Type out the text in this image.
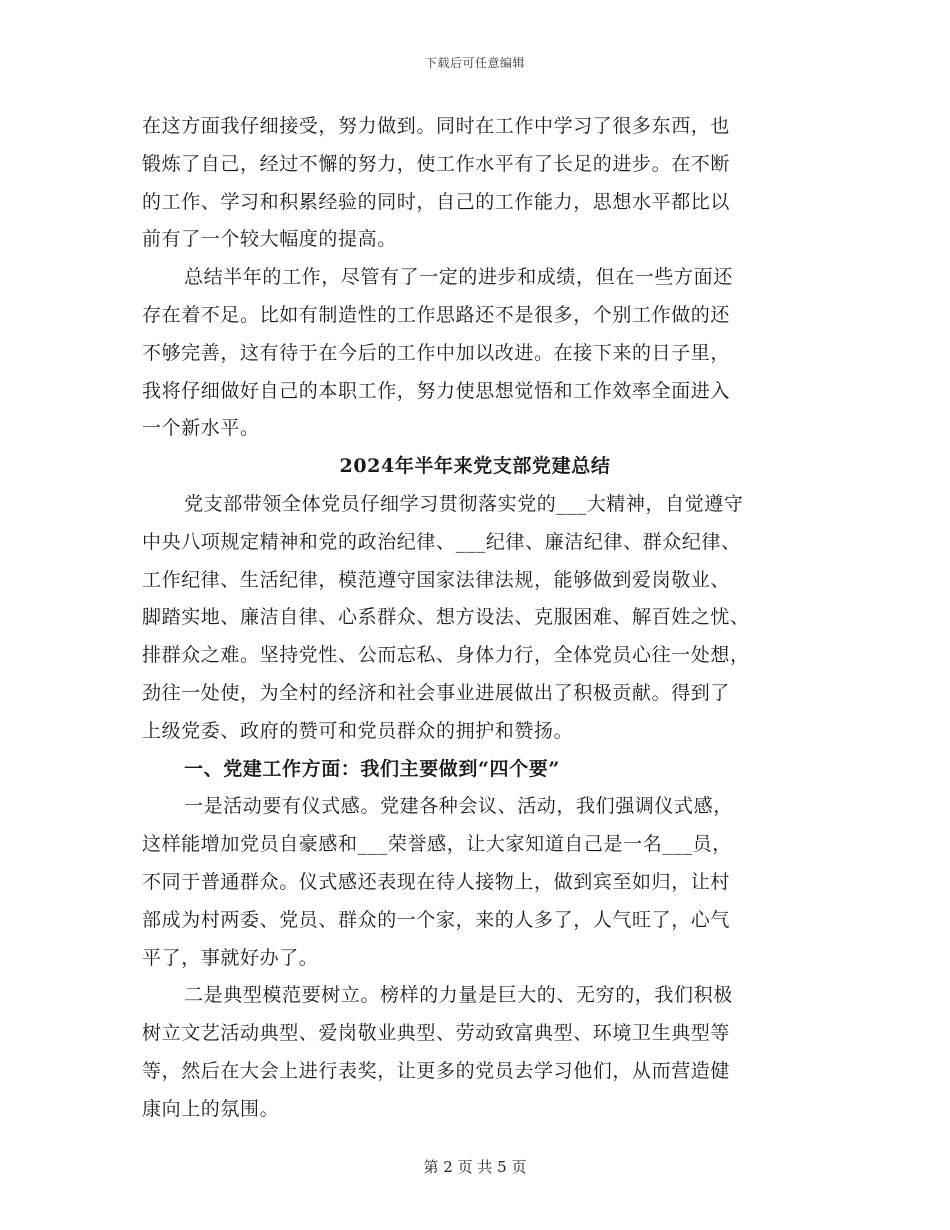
下载后可任意编辑
在这方面我仔细接受，努力做到。同时在工作中学习了很多东西，也
锻炼了自己，经过不懈的努力，使工作水平有了长足的进步。在不断
的工作、学习和积累经验的同时，自己的工作能力，思想水平都比以
前有了一个较大幅度的提高。
总结半年的工作，尽管有了一定的进步和成绩，但在一些方面还
存在着不足。比如有制造性的工作思路还不是很多，个别工作做的还
不够完善，这有待于在今后的工作中加以改进。在接下来的日子里，
我将仔细做好自己的本职工作，努力使思想觉悟和工作效率全面进入
一个新水平。
2024年半年来党支部党建总结
党支部带领全体党员仔细学习贯彻落实党的___大精神，自觉遵守
中央八项规定精神和党的政治纪律、___纪律、廉洁纪律、群众纪律、
工作纪律、生活纪律，模范遵守国家法律法规，能够做到爱岗敬业、
脚踏实地、廉洁自律、心系群众、想方设法、克服困难、解百姓之忧、
排群众之难。坚持党性、公而忘私、身体力行，全体党员心往一处想，
劲往一处使，为全村的经济和社会事业进展做出了积极贡献。得到了
上级党委、政府的赞可和党员群众的拥护和赞扬。
一、党建工作方面：我们主要做到“四个要”
一是活动要有仪式感。党建各种会议、活动，我们强调仪式感，
这样能增加党员自豪感和___荣誉感，让大家知道自己是一名___员，
不同于普通群众。仪式感还表现在待人接物上，做到宾至如归，让村
部成为村两委、党员、群众的一个家，来的人多了，人气旺了，心气
平了，事就好办了。
二是典型模范要树立。榜样的力量是巨大的、无穷的，我们积极
树立文艺活动典型、爱岗敬业典型、劳动致富典型、环境卫生典型等
等，然后在大会上进行表奖，让更多的党员去学习他们，从而营造健
康向上的氛围。
第 2 页 共 5 页
